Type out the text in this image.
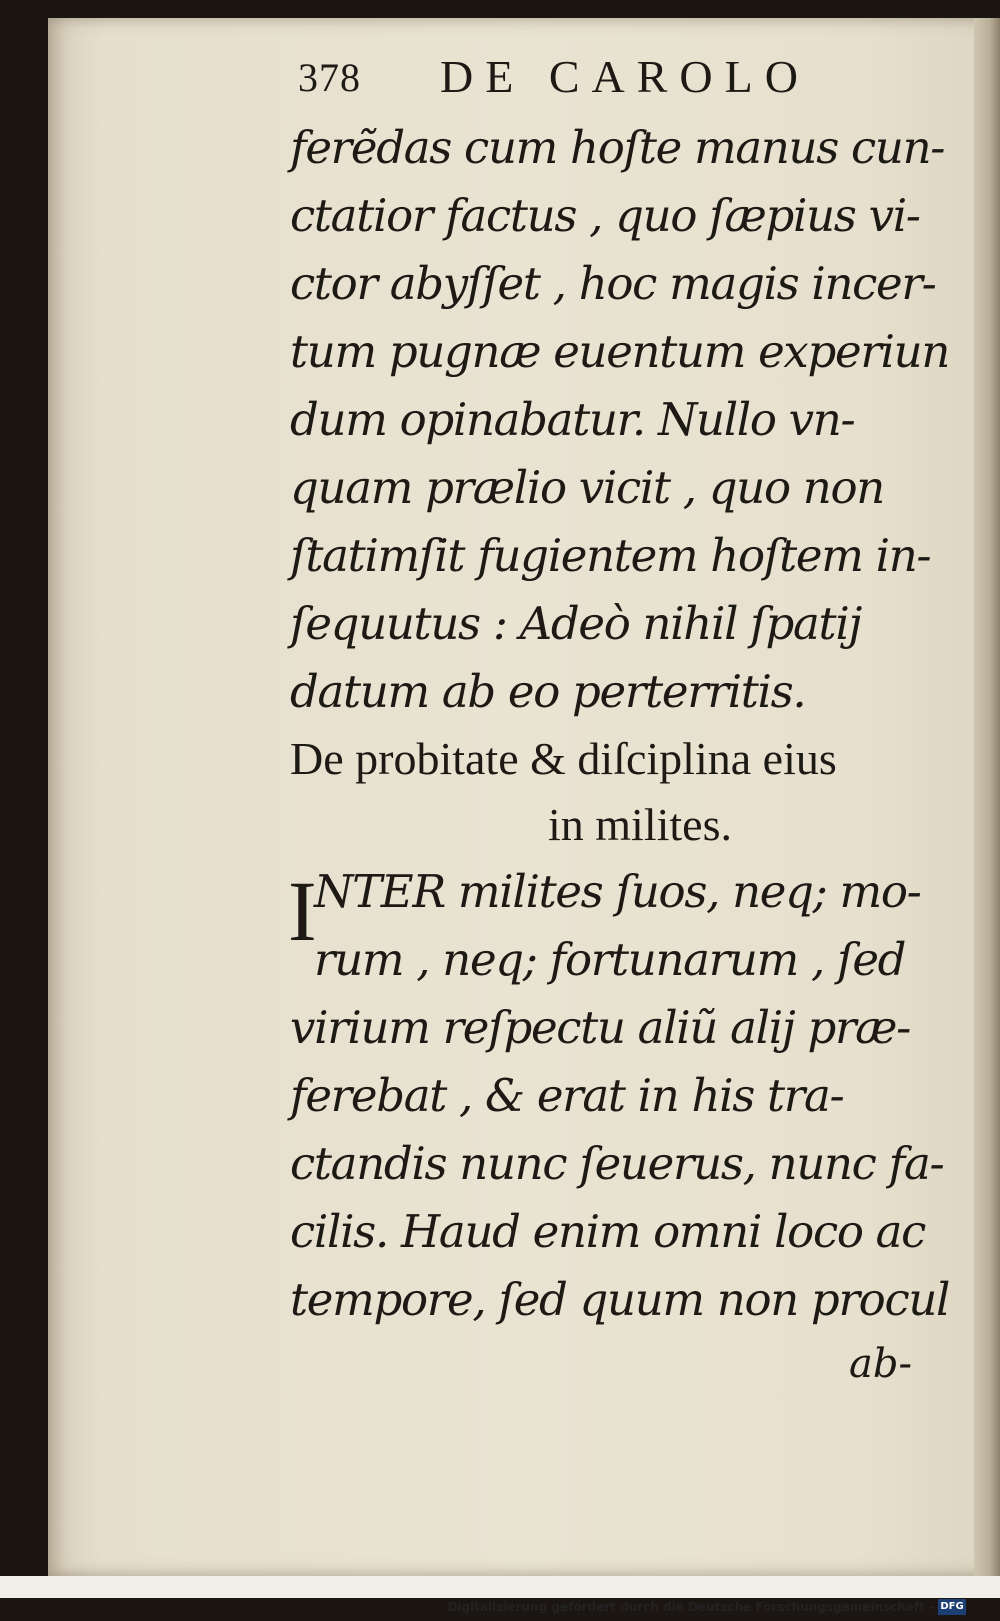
378 DE CAROLO
ferẽdas cum hoſte manus cun-
ctatior factus , quo ſæpius vi-
ctor abyſſet , hoc magis incer-
tum pugnæ euentum experiun
dum opinabatur. Nullo vn-
quam prælio vicit , quo non
ſtatimſit fugientem hoſtem in-
ſequutus : Adeò nihil ſpatij
datum ab eo perterritis.
De probitate & diſciplina eius
in milites.
I
NTER milites ſuos, neq; mo-
rum , neq; fortunarum , ſed
virium reſpectu aliũ alij præ-
ferebat , & erat in his tra-
ctandis nunc ſeuerus, nunc fa-
cilis. Haud enim omni loco ac
tempore, ſed quum non procul
ab-
Digitalisierung gefördert durch die Deutsche Forschungsgemeinschaft - DFG
